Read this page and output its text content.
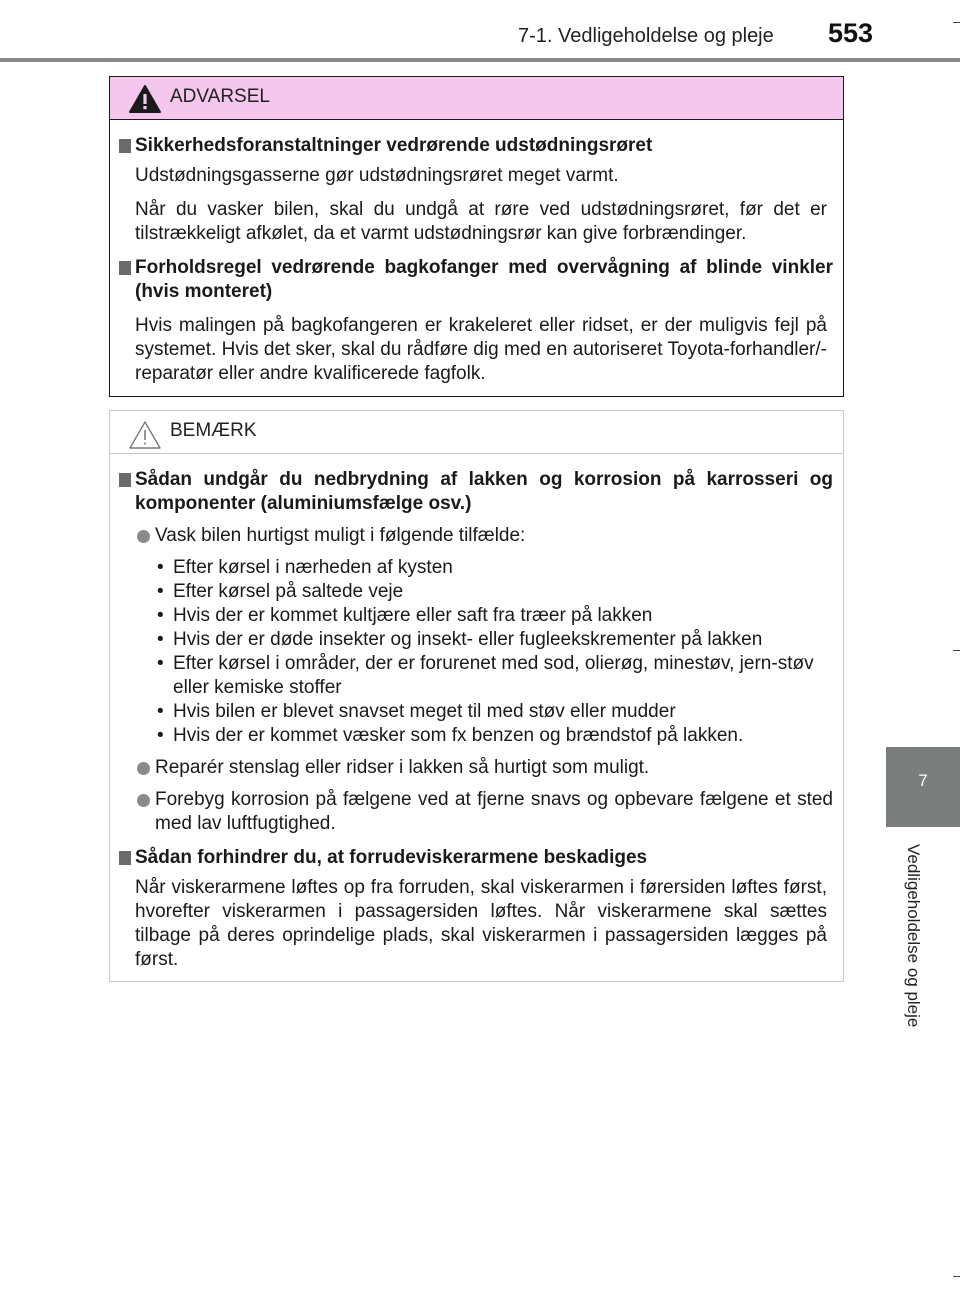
7-1. Vedligeholdelse og pleje 553
7
Vedligeholdelse og pleje
ADVARSEL
Sikkerhedsforanstaltninger vedrørende udstødningsrøret
Udstødningsgasserne gør udstødningsrøret meget varmt.
Når du vasker bilen, skal du undgå at røre ved udstødningsrøret, før det er tilstrækkeligt afkølet, da et varmt udstødningsrør kan give forbrændinger.
Forholdsregel vedrørende bagkofanger med overvågning af blinde vinkler (hvis monteret)
Hvis malingen på bagkofangeren er krakeleret eller ridset, er der muligvis fejl på systemet. Hvis det sker, skal du rådføre dig med en autoriseret Toyota-forhandler/-reparatør eller andre kvalificerede fagfolk.
BEMÆRK
Sådan undgår du nedbrydning af lakken og korrosion på karrosseri og komponenter (aluminiumsfælge osv.)
Vask bilen hurtigst muligt i følgende tilfælde:
• Efter kørsel i nærheden af kysten
• Efter kørsel på saltede veje
• Hvis der er kommet kultjære eller saft fra træer på lakken
• Hvis der er døde insekter og insekt- eller fugleekskrementer på lakken
• Efter kørsel i områder, der er forurenet med sod, olierøg, minestøv, jern-støv eller kemiske stoffer
• Hvis bilen er blevet snavset meget til med støv eller mudder
• Hvis der er kommet væsker som fx benzen og brændstof på lakken.
Reparér stenslag eller ridser i lakken så hurtigt som muligt.
Forebyg korrosion på fælgene ved at fjerne snavs og opbevare fælgene et sted med lav luftfugtighed.
Sådan forhindrer du, at forrudeviskerarmene beskadiges
Når viskerarmene løftes op fra forruden, skal viskerarmen i førersiden løftes først, hvorefter viskerarmen i passagersiden løftes. Når viskerarmene skal sættes tilbage på deres oprindelige plads, skal viskerarmen i passagersiden lægges på først.
